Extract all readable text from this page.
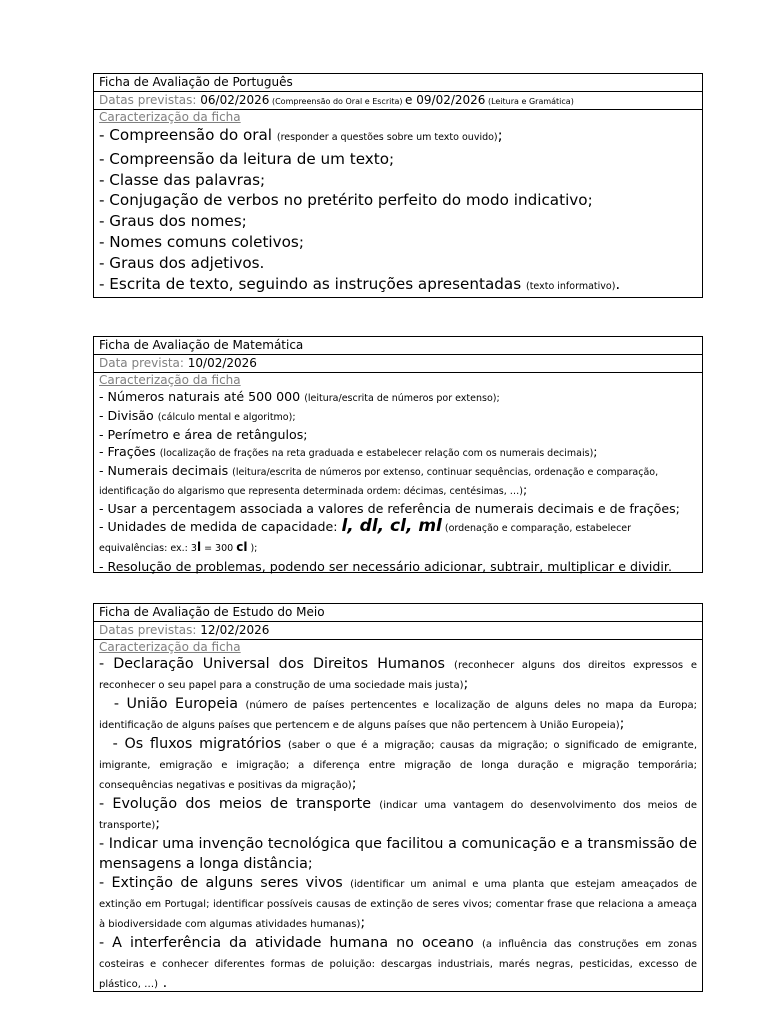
Ficha de Avaliação de Português
Datas previstas: 06/02/2026 (Compreensão do Oral e Escrita) e 09/02/2026 (Leitura e Gramática)
Caracterização da ficha
- Compreensão do oral (responder a questões sobre um texto ouvido);
- Compreensão da leitura de um texto;
- Classe das palavras;
- Conjugação de verbos no pretérito perfeito do modo indicativo;
- Graus dos nomes;
- Nomes comuns coletivos;
- Graus dos adjetivos.
- Escrita de texto, seguindo as instruções apresentadas (texto informativo).
Ficha de Avaliação de Matemática
Data prevista: 10/02/2026
Caracterização da ficha
- Números naturais até 500 000 (leitura/escrita de números por extenso);
- Divisão (cálculo mental e algoritmo);
- Perímetro e área de retângulos;
- Frações (localização de frações na reta graduada e estabelecer relação com os numerais decimais);
- Numerais decimais (leitura/escrita de números por extenso, continuar sequências, ordenação e comparação, identificação do algarismo que representa determinada ordem: décimas, centésimas, …);
- Usar a percentagem associada a valores de referência de numerais decimais e de frações;
- Unidades de medida de capacidade: l, dl, cl, ml (ordenação e comparação, estabelecer equivalências: ex.: 3l = 300 cl );
- Resolução de problemas, podendo ser necessário adicionar, subtrair, multiplicar e dividir.
Ficha de Avaliação de Estudo do Meio
Datas previstas: 12/02/2026
Caracterização da ficha
- Declaração Universal dos Direitos Humanos (reconhecer alguns dos direitos expressos e reconhecer o seu papel para a construção de uma sociedade mais justa);
- União Europeia (número de países pertencentes e localização de alguns deles no mapa da Europa; identificação de alguns países que pertencem e de alguns países que não pertencem à União Europeia);
- Os fluxos migratórios (saber o que é a migração; causas da migração; o significado de emigrante, imigrante, emigração e imigração; a diferença entre migração de longa duração e migração temporária; consequências negativas e positivas da migração);
- Evolução dos meios de transporte (indicar uma vantagem do desenvolvimento dos meios de transporte);
- Indicar uma invenção tecnológica que facilitou a comunicação e a transmissão de mensagens a longa distância;
- Extinção de alguns seres vivos (identificar um animal e uma planta que estejam ameaçados de extinção em Portugal; identificar possíveis causas de extinção de seres vivos; comentar frase que relaciona a ameaça à biodiversidade com algumas atividades humanas);
- A interferência da atividade humana no oceano (a influência das construções em zonas costeiras e conhecer diferentes formas de poluição: descargas industriais, marés negras, pesticidas, excesso de plástico, …) .
